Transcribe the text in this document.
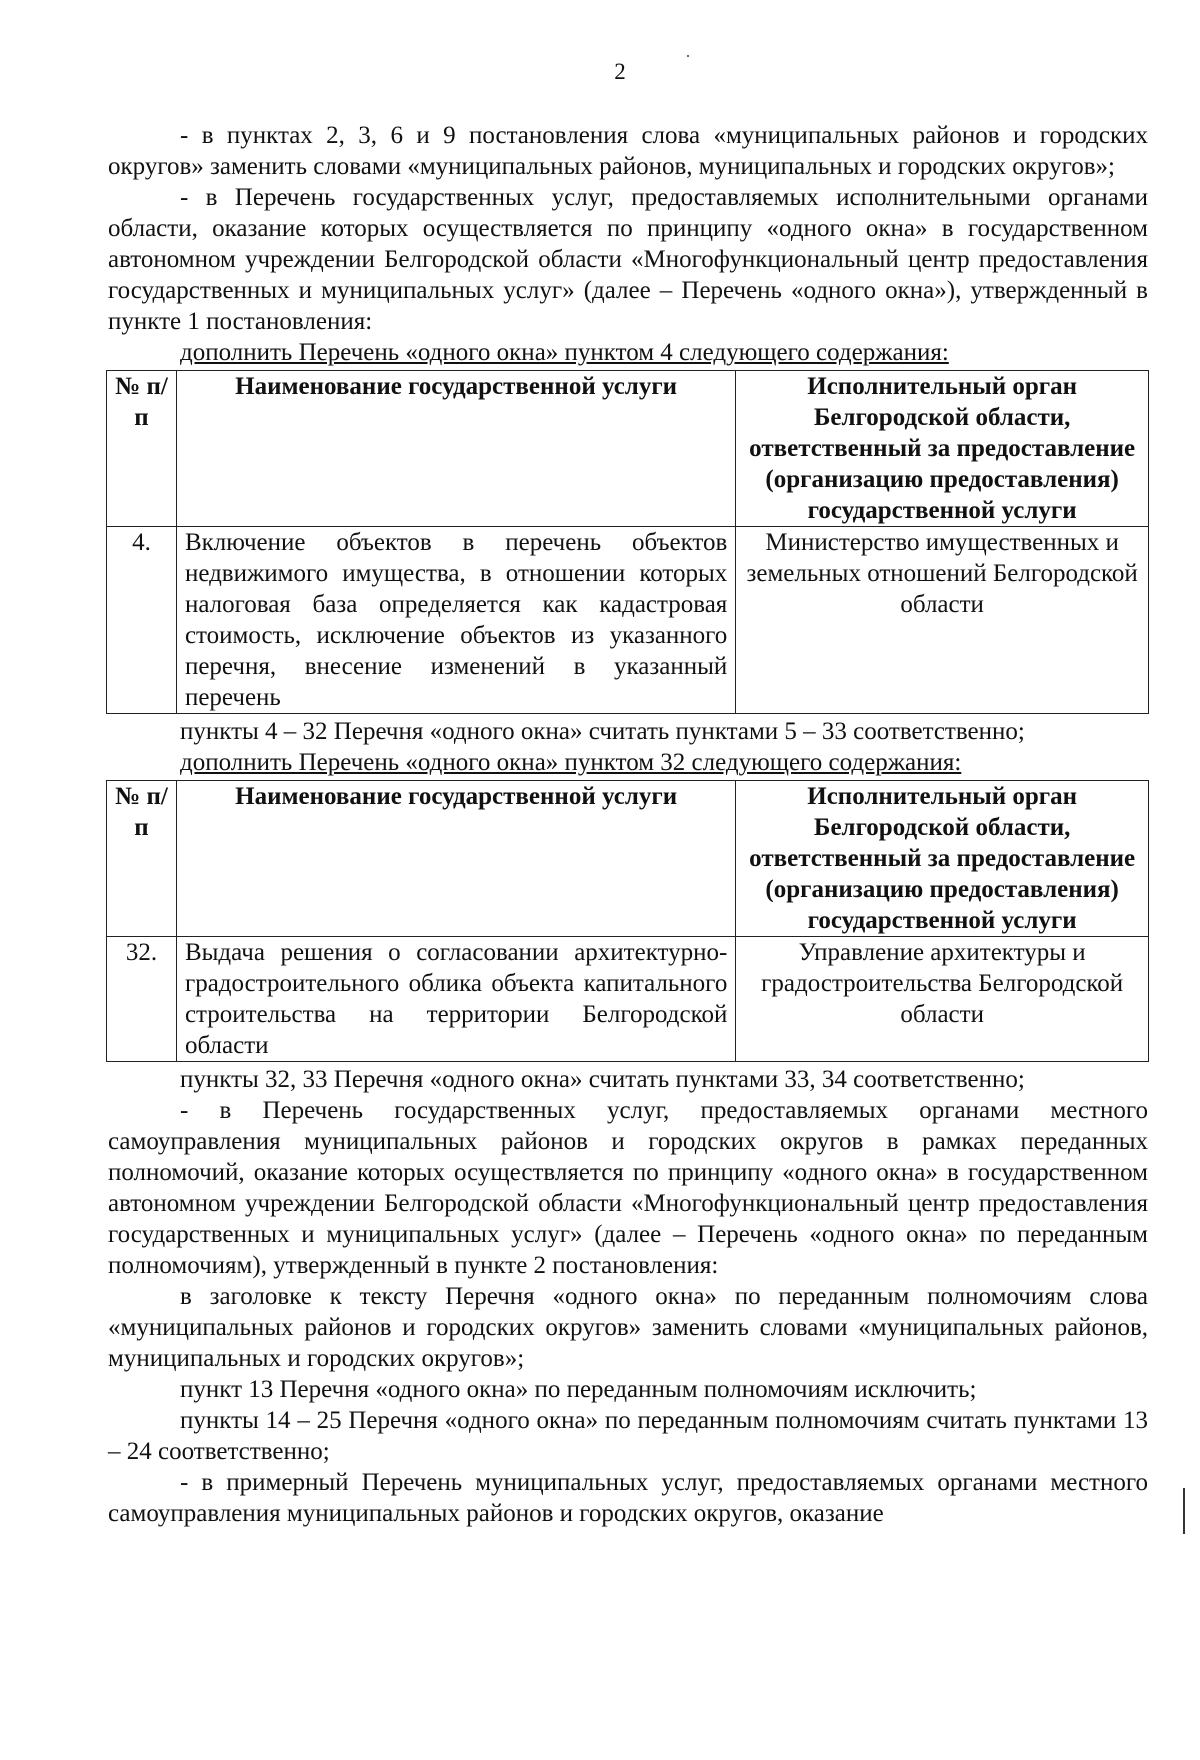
2

- в пунктах 2, 3, 6 и 9 постановления слова «муниципальных районов и городских округов» заменить словами «муниципальных районов, муниципальных и городских округов»;

- в Перечень государственных услуг, предоставляемых исполнительными органами области, оказание которых осуществляется по принципу «одного окна» в государственном автономном учреждении Белгородской области «Многофункциональный центр предоставления государственных и муниципальных услуг» (далее – Перечень «одного окна»), утвержденный в пункте 1 постановления:

дополнить Перечень «одного окна» пунктом 4 следующего содержания:

№ п/п	Наименование государственной услуги	Исполнительный орган Белгородской области, ответственный за предоставление (организацию предоставления) государственной услуги
4.	Включение объектов в перечень объектов недвижимого имущества, в отношении которых налоговая база определяется как кадастровая стоимость, исключение объектов из указанного перечня, внесение изменений в указанный перечень	Министерство имущественных и земельных отношений Белгородской области

пункты 4 – 32 Перечня «одного окна» считать пунктами 5 – 33 соответственно;

дополнить Перечень «одного окна» пунктом 32 следующего содержания:

№ п/п	Наименование государственной услуги	Исполнительный орган Белгородской области, ответственный за предоставление (организацию предоставления) государственной услуги
32.	Выдача решения о согласовании архитектурно-градостроительного облика объекта капитального строительства на территории Белгородской области	Управление архитектуры и градостроительства Белгородской области

пункты 32, 33 Перечня «одного окна» считать пунктами 33, 34 соответственно;

- в Перечень государственных услуг, предоставляемых органами местного самоуправления муниципальных районов и городских округов в рамках переданных полномочий, оказание которых осуществляется по принципу «одного окна» в государственном автономном учреждении Белгородской области «Многофункциональный центр предоставления государственных и муниципальных услуг» (далее – Перечень «одного окна» по переданным полномочиям), утвержденный в пункте 2 постановления:

в заголовке к тексту Перечня «одного окна» по переданным полномочиям слова «муниципальных районов и городских округов» заменить словами «муниципальных районов, муниципальных и городских округов»;

пункт 13 Перечня «одного окна» по переданным полномочиям исключить;

пункты 14 – 25 Перечня «одного окна» по переданным полномочиям считать пунктами 13 – 24 соответственно;

- в примерный Перечень муниципальных услуг, предоставляемых органами местного самоуправления муниципальных районов и городских округов, оказание
